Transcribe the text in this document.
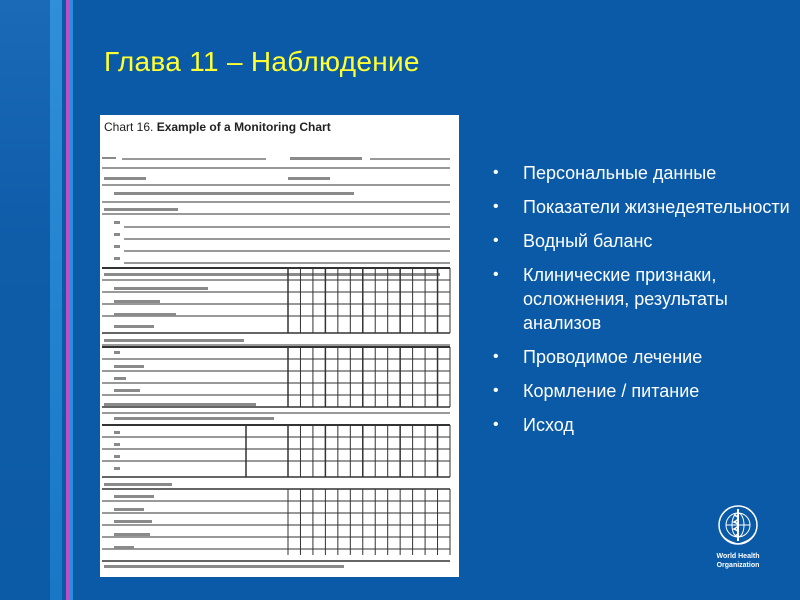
Глава 11 – Наблюдение
Chart 16. Example of a Monitoring Chart
• Персональные данные
• Показатели жизнедеятельности
• Водный баланс
• Клинические признаки, осложнения, результаты анализов
• Проводимое лечение
• Кормление / питание
• Исход
World Health
Organization
